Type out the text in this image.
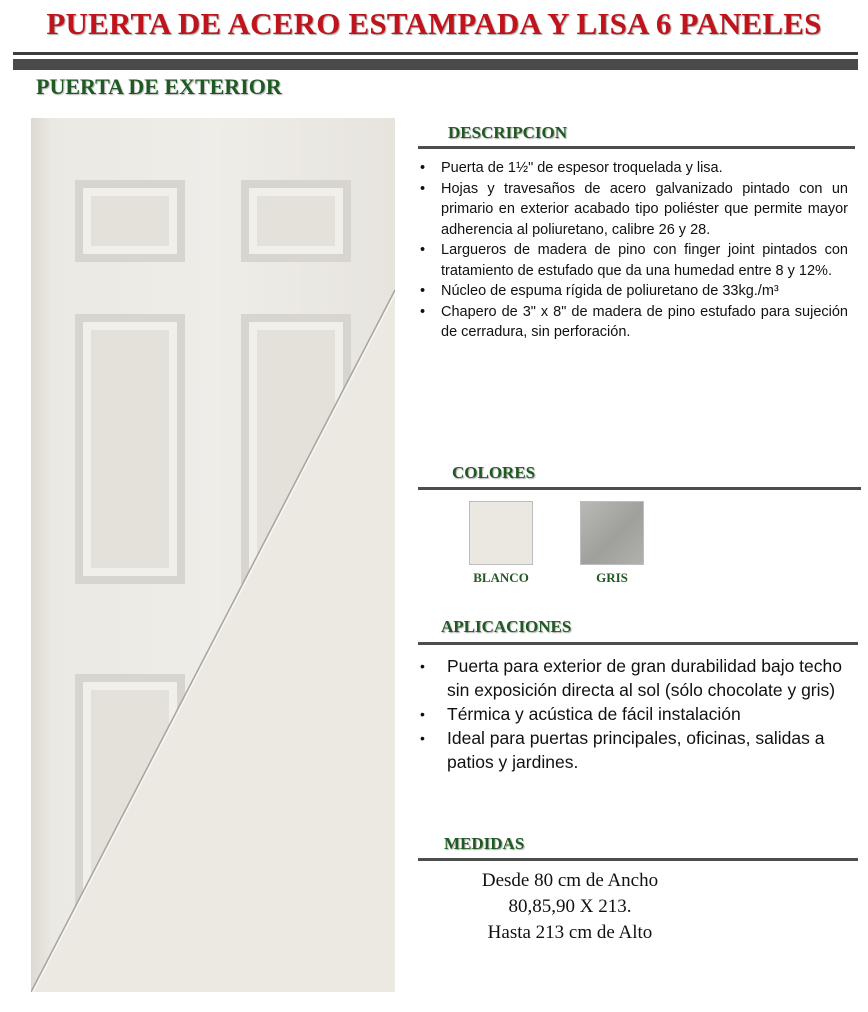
PUERTA DE ACERO ESTAMPADA Y LISA 6 PANELES
PUERTA DE EXTERIOR
DESCRIPCION
• Puerta de 1½" de espesor troquelada y lisa.
• Hojas y travesaños de acero galvanizado pintado con un primario en exterior acabado tipo poliéster que permite mayor adherencia al poliuretano, calibre 26 y 28.
• Largueros de madera de pino con finger joint pintados con tratamiento de estufado que da una humedad entre 8 y 12%.
• Núcleo de espuma rígida de poliuretano de 33kg./m³
• Chapero de 3" x 8" de madera de pino estufado para sujeción de cerradura, sin perforación.
COLORES
BLANCO	GRIS
APLICACIONES
• Puerta para exterior de gran durabilidad bajo techo sin exposición directa al sol (sólo chocolate y gris)
• Térmica y acústica de fácil instalación
• Ideal para puertas principales, oficinas, salidas a patios y jardines.
MEDIDAS
Desde 80 cm de Ancho
80,85,90 X 213.
Hasta 213 cm de Alto
